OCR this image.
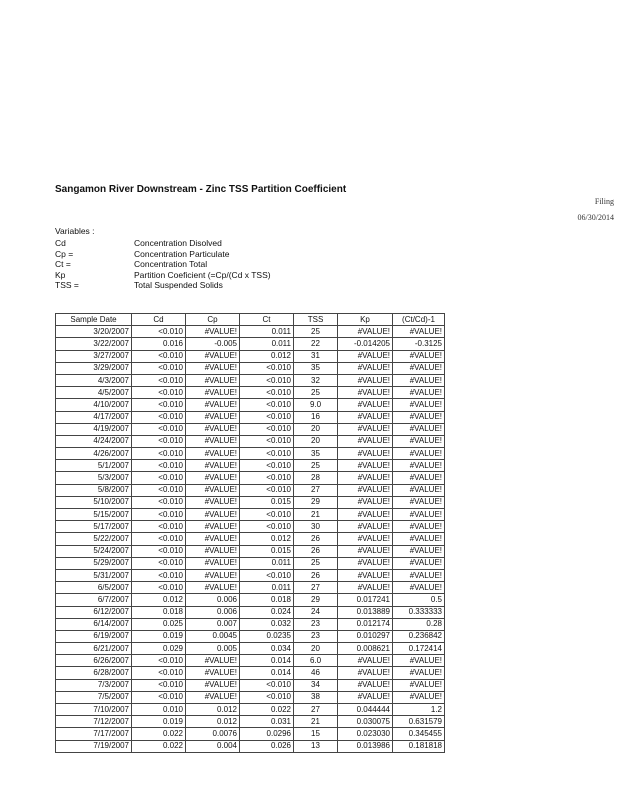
Sangamon River Downstream - Zinc TSS Partition Coefficient
Filing
06/30/2014
Variables :
Cd	Concentration Disolved
Cp =	Concentration Particulate
Ct =	Concentration Total
Kp	Partition Coeficient (=Cp/(Cd x TSS)
TSS =	Total Suspended Solids
Sample Date	Cd	Cp	Ct	TSS	Kp	(Ct/Cd)-1
3/20/2007	<0.010	#VALUE!	0.011	25	#VALUE!	#VALUE!
3/22/2007	0.016	-0.005	0.011	22	-0.014205	-0.3125
3/27/2007	<0.010	#VALUE!	0.012	31	#VALUE!	#VALUE!
3/29/2007	<0.010	#VALUE!	<0.010	35	#VALUE!	#VALUE!
4/3/2007	<0.010	#VALUE!	<0.010	32	#VALUE!	#VALUE!
4/5/2007	<0.010	#VALUE!	<0.010	25	#VALUE!	#VALUE!
4/10/2007	<0.010	#VALUE!	<0.010	9.0	#VALUE!	#VALUE!
4/17/2007	<0.010	#VALUE!	<0.010	16	#VALUE!	#VALUE!
4/19/2007	<0.010	#VALUE!	<0.010	20	#VALUE!	#VALUE!
4/24/2007	<0.010	#VALUE!	<0.010	20	#VALUE!	#VALUE!
4/26/2007	<0.010	#VALUE!	<0.010	35	#VALUE!	#VALUE!
5/1/2007	<0.010	#VALUE!	<0.010	25	#VALUE!	#VALUE!
5/3/2007	<0.010	#VALUE!	<0.010	28	#VALUE!	#VALUE!
5/8/2007	<0.010	#VALUE!	<0.010	27	#VALUE!	#VALUE!
5/10/2007	<0.010	#VALUE!	0.015	29	#VALUE!	#VALUE!
5/15/2007	<0.010	#VALUE!	<0.010	21	#VALUE!	#VALUE!
5/17/2007	<0.010	#VALUE!	<0.010	30	#VALUE!	#VALUE!
5/22/2007	<0.010	#VALUE!	0.012	26	#VALUE!	#VALUE!
5/24/2007	<0.010	#VALUE!	0.015	26	#VALUE!	#VALUE!
5/29/2007	<0.010	#VALUE!	0.011	25	#VALUE!	#VALUE!
5/31/2007	<0.010	#VALUE!	<0.010	26	#VALUE!	#VALUE!
6/5/2007	<0.010	#VALUE!	0.011	27	#VALUE!	#VALUE!
6/7/2007	0.012	0.006	0.018	29	0.017241	0.5
6/12/2007	0.018	0.006	0.024	24	0.013889	0.333333
6/14/2007	0.025	0.007	0.032	23	0.012174	0.28
6/19/2007	0.019	0.0045	0.0235	23	0.010297	0.236842
6/21/2007	0.029	0.005	0.034	20	0.008621	0.172414
6/26/2007	<0.010	#VALUE!	0.014	6.0	#VALUE!	#VALUE!
6/28/2007	<0.010	#VALUE!	0.014	46	#VALUE!	#VALUE!
7/3/2007	<0.010	#VALUE!	<0.010	34	#VALUE!	#VALUE!
7/5/2007	<0.010	#VALUE!	<0.010	38	#VALUE!	#VALUE!
7/10/2007	0.010	0.012	0.022	27	0.044444	1.2
7/12/2007	0.019	0.012	0.031	21	0.030075	0.631579
7/17/2007	0.022	0.0076	0.0296	15	0.023030	0.345455
7/19/2007	0.022	0.004	0.026	13	0.013986	0.181818
